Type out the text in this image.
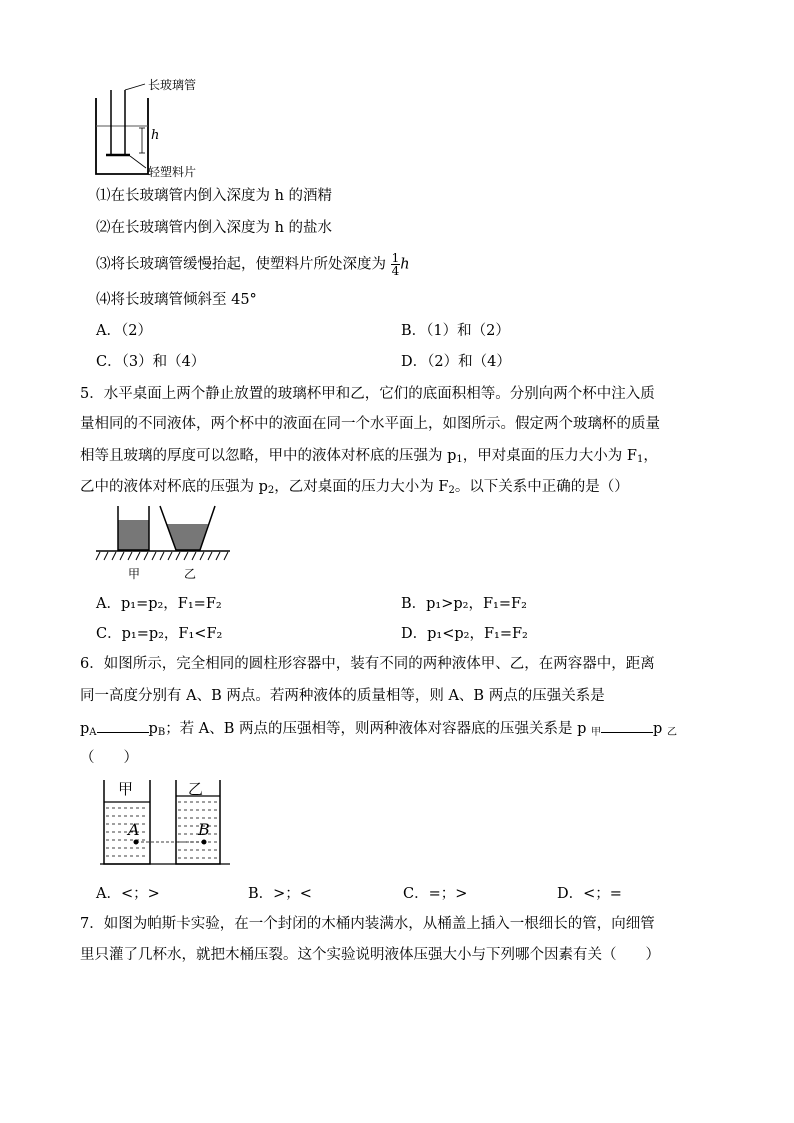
长玻璃管
h
轻塑料片
⑴在长玻璃管内倒入深度为 h 的酒精
⑵在长玻璃管内倒入深度为 h 的盐水
⑶将长玻璃管缓慢抬起，使塑料片所处深度为 $\frac{1}{4}$ h
⑷将长玻璃管倾斜至 45°
A．（2）	B．（1）和（2）
C．（3）和（4）	D．（2）和（4）
5．水平桌面上两个静止放置的玻璃杯甲和乙，它们的底面积相等。分别向两个杯中注入质
量相同的不同液体，两个杯中的液面在同一个水平面上，如图所示。假定两个玻璃杯的质量
相等且玻璃的厚度可以忽略，甲中的液体对杯底的压强为 $p_1$，甲对桌面的压力大小为 $F_1$，
乙中的液体对杯底的压强为 $p_2$，乙对桌面的压力大小为 $F_2$。以下关系中正确的是（）
甲	乙
A．p₁=p₂，F₁=F₂	B．p₁>p₂，F₁=F₂
C．p₁=p₂，F₁<F₂	D．p₁<p₂，F₁=F₂
6．如图所示，完全相同的圆柱形容器中，装有不同的两种液体甲、乙，在两容器中，距离
同一高度分别有 A、B 两点。若两种液体的质量相等，则 A、B 两点的压强关系是
$p_A$	$p_B$；若 A、B 两点的压强相等，则两种液体对容器底的压强关系是 p $_甲$	p $_乙$
（　　）
甲	乙
A	B
A．<；>	B．>；<	C．=；>	D．<；=
7．如图为帕斯卡实验，在一个封闭的木桶内装满水，从桶盖上插入一根细长的管，向细管
里只灌了几杯水，就把木桶压裂。这个实验说明液体压强大小与下列哪个因素有关（　　）
